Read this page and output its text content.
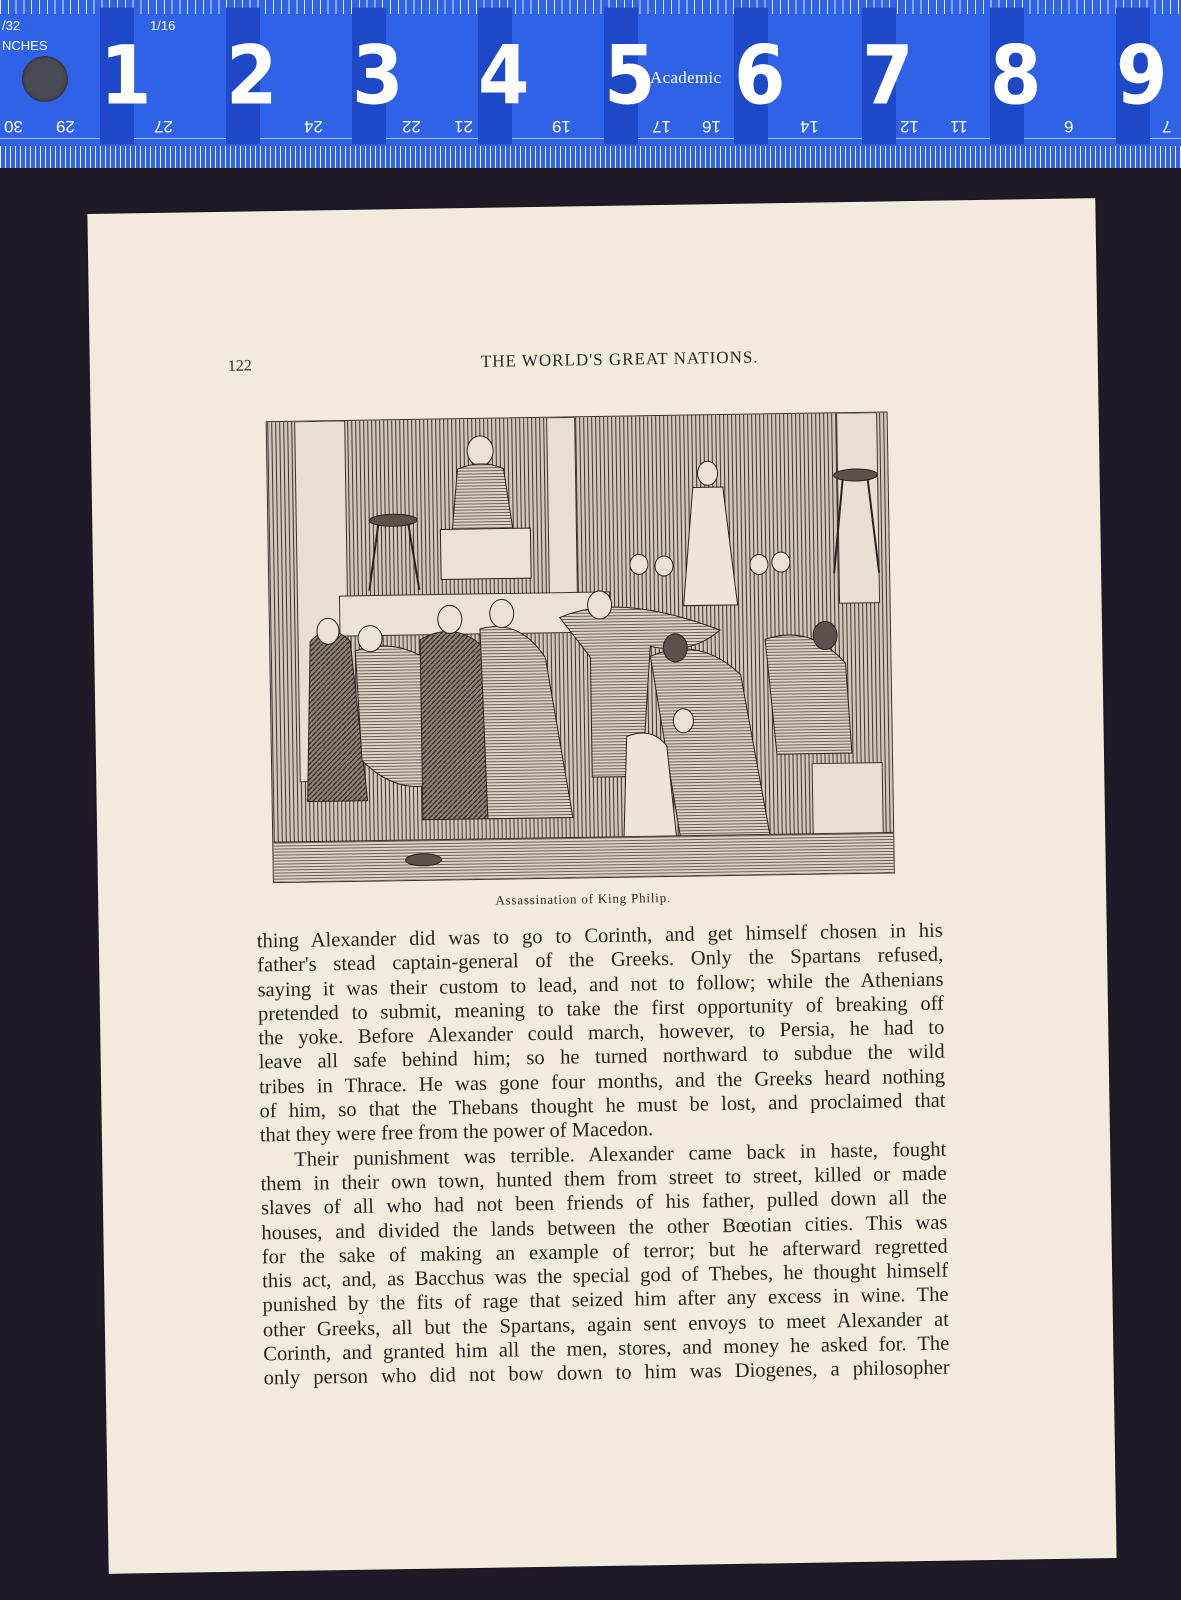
/32
NCHES
1/16
1 2 3 4 5 6 7 8 9
30 29	27	24	22 21	19	17 16	14	12 11	6	7
Academic
122	THE WORLD'S GREAT NATIONS.
Assassination of King Philip.

thing Alexander did was to go to Corinth, and get himself chosen in his

father's stead captain-general of the Greeks. Only the Spartans refused,

saying it was their custom to lead, and not to follow; while the Athenians

pretended to submit, meaning to take the first opportunity of breaking off

the yoke. Before Alexander could march, however, to Persia, he had to

leave all safe behind him; so he turned northward to subdue the wild

tribes in Thrace. He was gone four months, and the Greeks heard nothing

of him, so that the Thebans thought he must be lost, and proclaimed that

that they were free from the power of Macedon.

Their punishment was terrible. Alexander came back in haste, fought

them in their own town, hunted them from street to street, killed or made

slaves of all who had not been friends of his father, pulled down all the

houses, and divided the lands between the other Bœotian cities. This was

for the sake of making an example of terror; but he afterward regretted

this act, and, as Bacchus was the special god of Thebes, he thought himself

punished by the fits of rage that seized him after any excess in wine. The

other Greeks, all but the Spartans, again sent envoys to meet Alexander at

Corinth, and granted him all the men, stores, and money he asked for. The

only person who did not bow down to him was Diogenes, a philosopher
